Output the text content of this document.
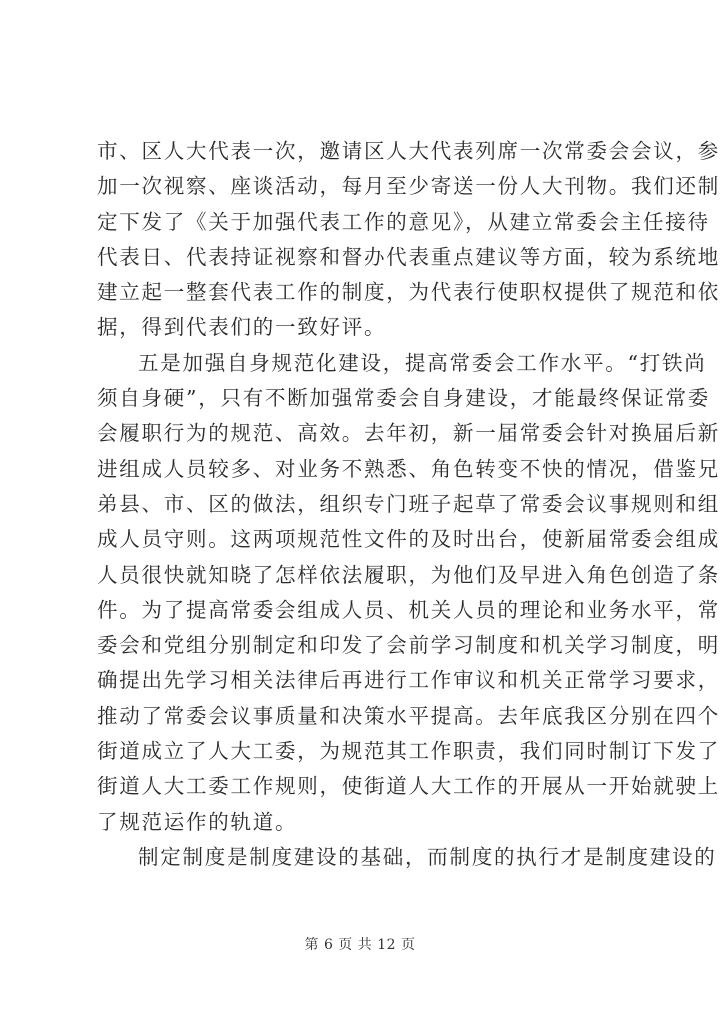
市、区人大代表一次，邀请区人大代表列席一次常委会会议，参
加一次视察、座谈活动，每月至少寄送一份人大刊物。我们还制
定下发了《关于加强代表工作的意见》，从建立常委会主任接待
代表日、代表持证视察和督办代表重点建议等方面，较为系统地
建立起一整套代表工作的制度，为代表行使职权提供了规范和依
据，得到代表们的一致好评。
五是加强自身规范化建设，提高常委会工作水平。“打铁尚
须自身硬”，只有不断加强常委会自身建设，才能最终保证常委
会履职行为的规范、高效。去年初，新一届常委会针对换届后新
进组成人员较多、对业务不熟悉、角色转变不快的情况，借鉴兄
弟县、市、区的做法，组织专门班子起草了常委会议事规则和组
成人员守则。这两项规范性文件的及时出台，使新届常委会组成
人员很快就知晓了怎样依法履职，为他们及早进入角色创造了条
件。为了提高常委会组成人员、机关人员的理论和业务水平，常
委会和党组分别制定和印发了会前学习制度和机关学习制度，明
确提出先学习相关法律后再进行工作审议和机关正常学习要求，
推动了常委会议事质量和决策水平提高。去年底我区分别在四个
街道成立了人大工委，为规范其工作职责，我们同时制订下发了
街道人大工委工作规则，使街道人大工作的开展从一开始就驶上
了规范运作的轨道。
制定制度是制度建设的基础，而制度的执行才是制度建设的
第 6 页 共 12 页
